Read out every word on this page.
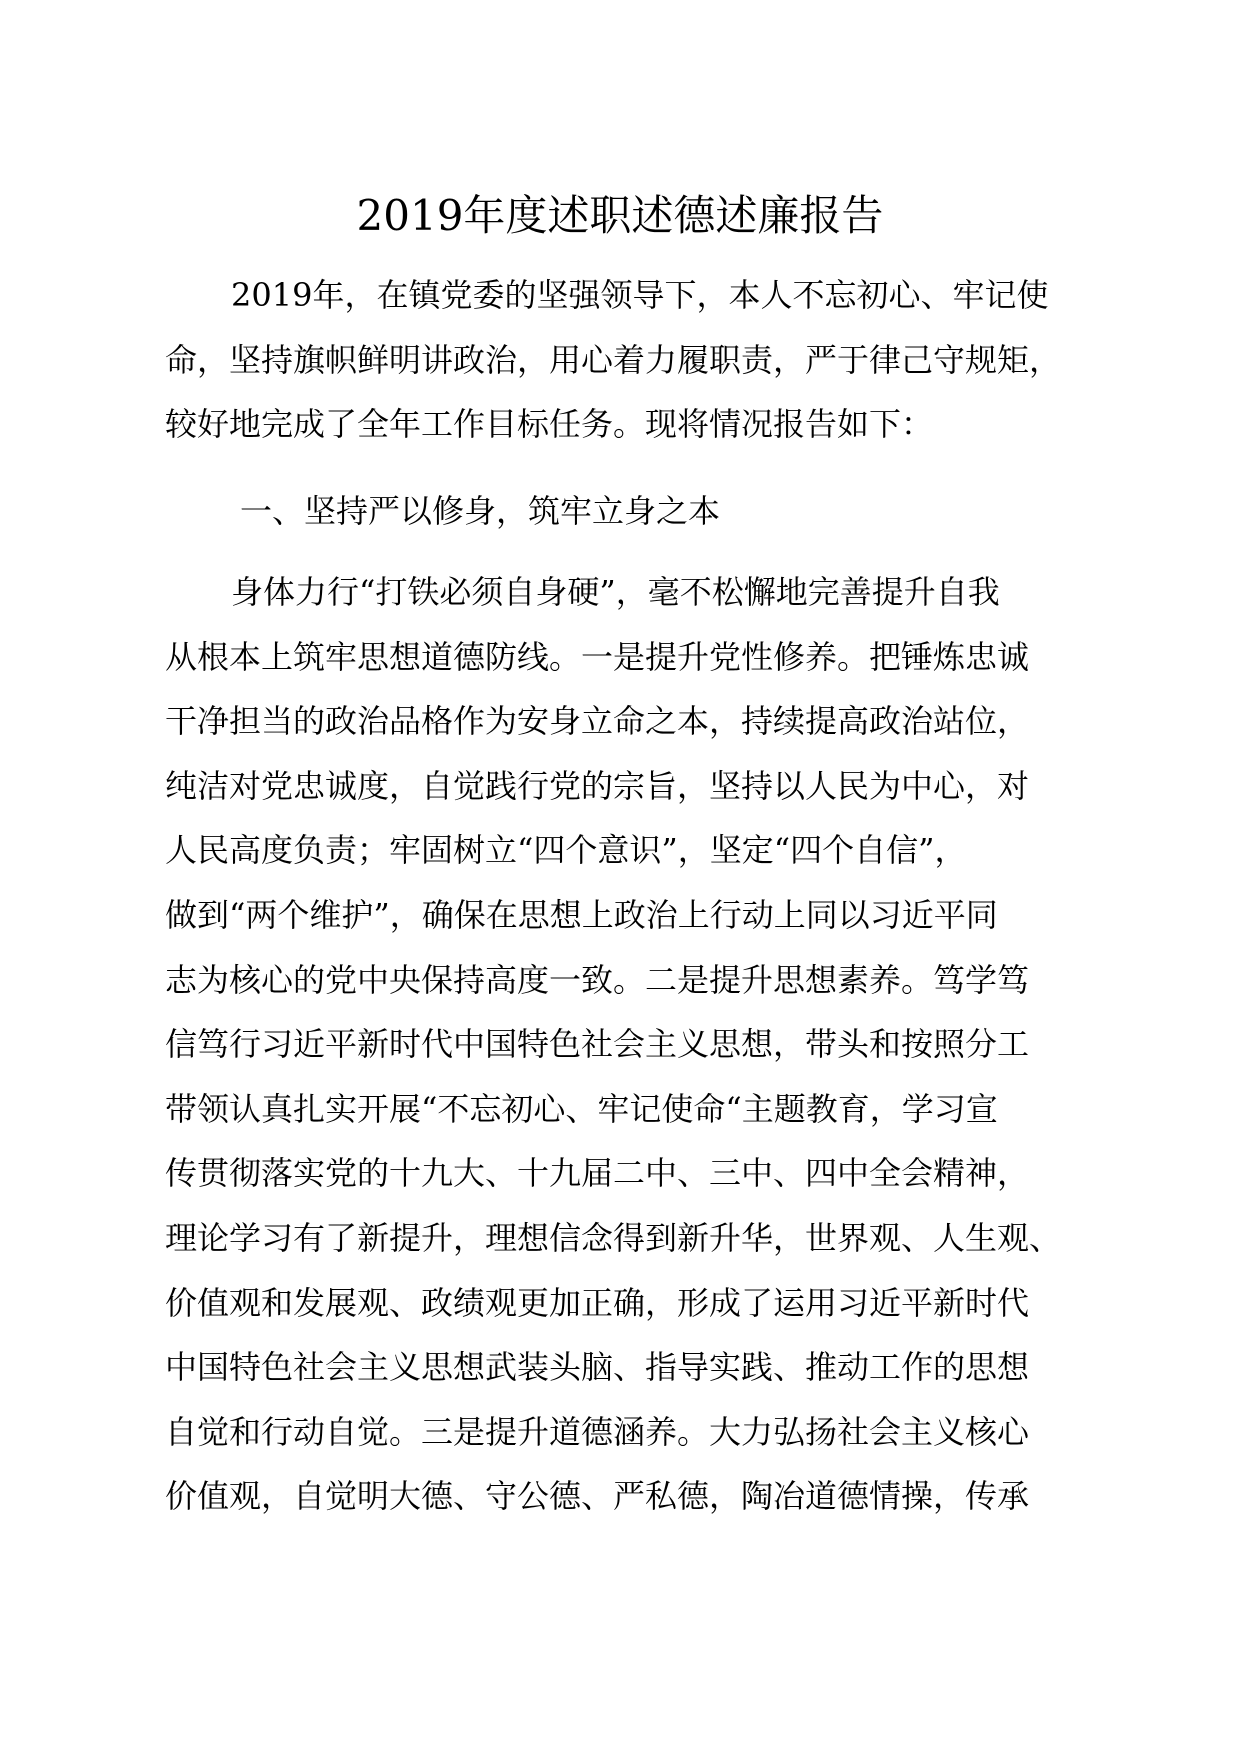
2019年度述职述德述廉报告
2019年，在镇党委的坚强领导下，本人不忘初心、牢记使
命，坚持旗帜鲜明讲政治，用心着力履职责，严于律己守规矩，
较好地完成了全年工作目标任务。现将情况报告如下：
一、坚持严以修身，筑牢立身之本
身体力行“打铁必须自身硬”，毫不松懈地完善提升自我
从根本上筑牢思想道德防线。一是提升党性修养。把锤炼忠诚
干净担当的政治品格作为安身立命之本，持续提高政治站位，
纯洁对党忠诚度，自觉践行党的宗旨，坚持以人民为中心，对
人民高度负责；牢固树立“四个意识”，坚定“四个自信”，
做到“两个维护”，确保在思想上政治上行动上同以习近平同
志为核心的党中央保持高度一致。二是提升思想素养。笃学笃
信笃行习近平新时代中国特色社会主义思想，带头和按照分工
带领认真扎实开展“不忘初心、牢记使命“主题教育，学习宣
传贯彻落实党的十九大、十九届二中、三中、四中全会精神，
理论学习有了新提升，理想信念得到新升华，世界观、人生观、
价值观和发展观、政绩观更加正确，形成了运用习近平新时代
中国特色社会主义思想武装头脑、指导实践、推动工作的思想
自觉和行动自觉。三是提升道德涵养。大力弘扬社会主义核心
价值观，自觉明大德、守公德、严私德，陶冶道德情操，传承
